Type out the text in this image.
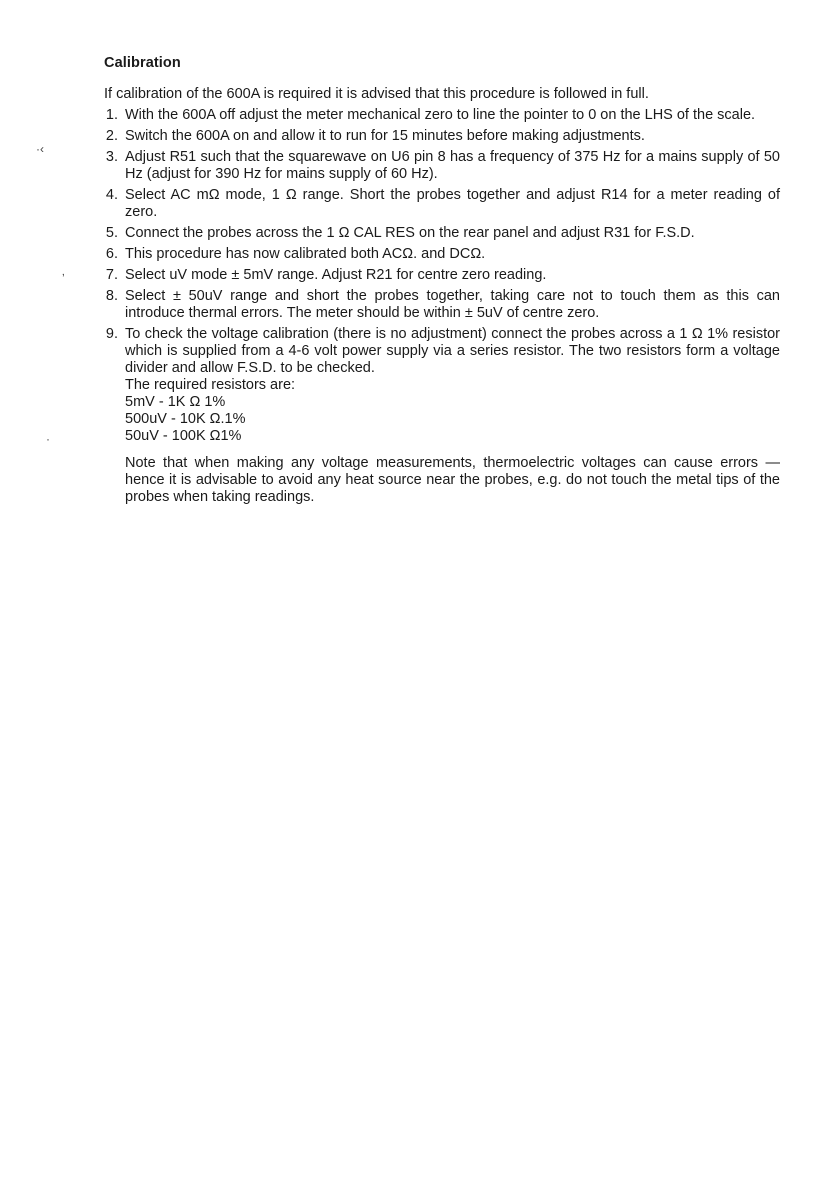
Calibration
If calibration of the 600A is required it is advised that this procedure is followed in full.
·‹
‚
·
1. With the 600A off adjust the meter mechanical zero to line the pointer to 0 on the LHS of the scale.
2. Switch the 600A on and allow it to run for 15 minutes before making adjustments.
3. Adjust R51 such that the squarewave on U6 pin 8 has a frequency of 375 Hz for a mains supply of 50 Hz (adjust for 390 Hz for mains supply of 60 Hz).
4. Select AC mΩ mode, 1 Ω range. Short the probes together and adjust R14 for a meter reading of zero.
5. Connect the probes across the 1 Ω CAL RES on the rear panel and adjust R31 for F.S.D.
6. This procedure has now calibrated both ACΩ. and DCΩ.
7. Select uV mode ± 5mV range. Adjust R21 for centre zero reading.
8. Select ± 50uV range and short the probes together, taking care not to touch them as this can introduce thermal errors. The meter should be within ± 5uV of centre zero.
9. To check the voltage calibration (there is no adjustment) connect the probes across a 1 Ω 1% resistor which is supplied from a 4-6 volt power supply via a series resistor. The two resistors form a voltage divider and allow F.S.D. to be checked.
The required resistors are:
5mV - 1K Ω 1%
500uV - 10K Ω.1%
50uV - 100K Ω1%
Note that when making any voltage measurements, thermoelectric voltages can cause errors — hence it is advisable to avoid any heat source near the probes, e.g. do not touch the metal tips of the probes when taking readings.
